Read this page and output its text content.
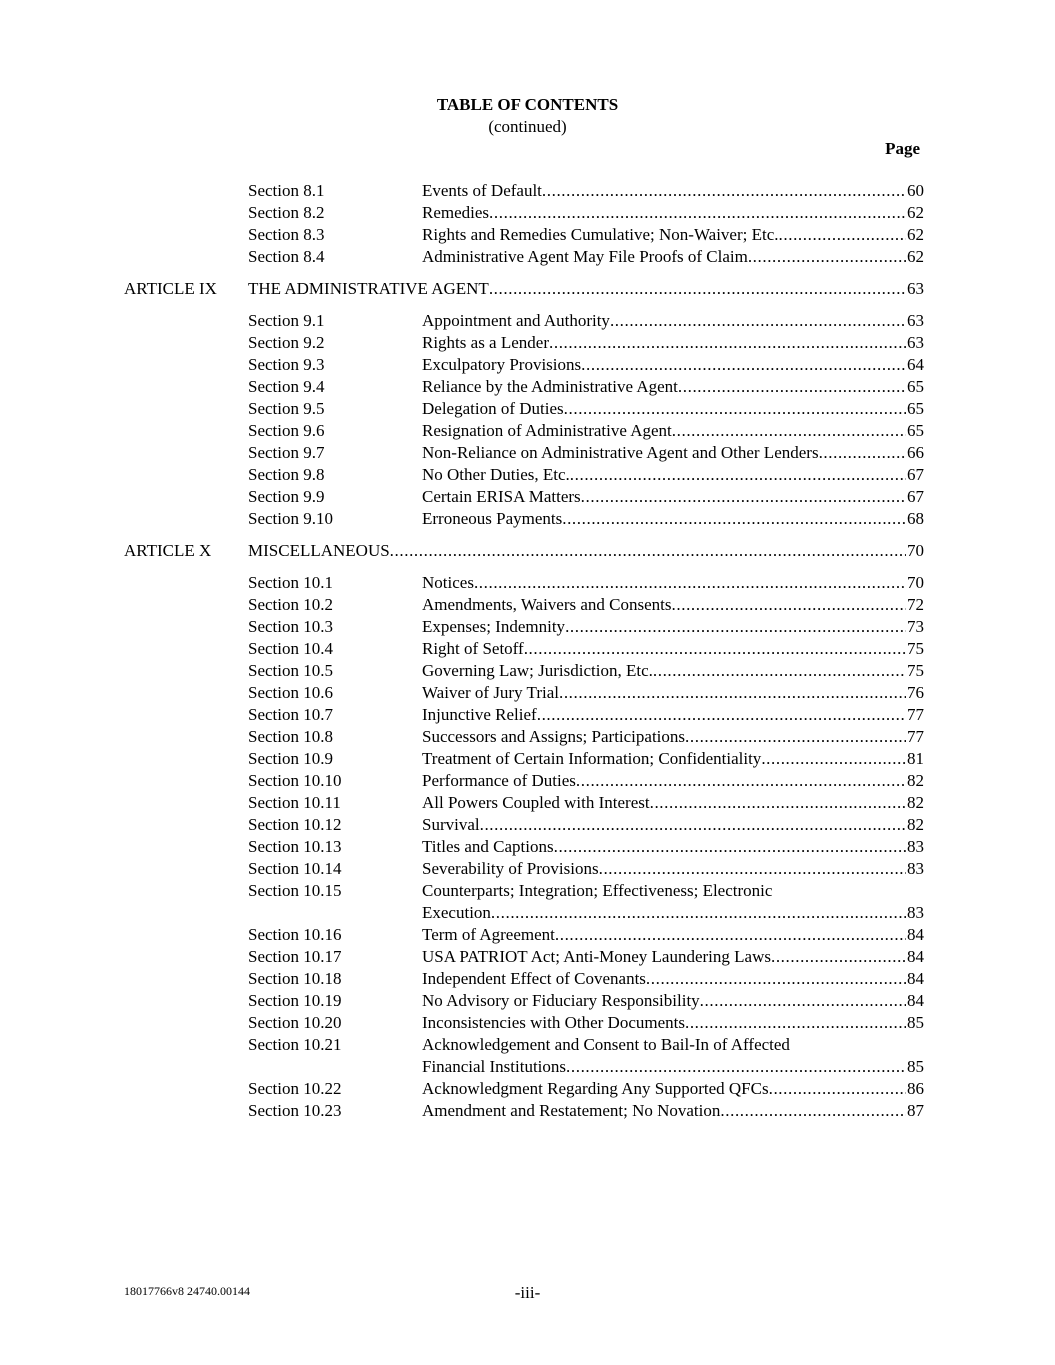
TABLE OF CONTENTS
(continued)
Page
Section 8.1	Events of Default .....	60
Section 8.2	Remedies .....	62
Section 8.3	Rights and Remedies Cumulative; Non-Waiver; Etc. .....	62
Section 8.4	Administrative Agent May File Proofs of Claim .....	62
ARTICLE IX THE ADMINISTRATIVE AGENT .....	63
Section 9.1	Appointment and Authority .....	63
Section 9.2	Rights as a Lender .....	63
Section 9.3	Exculpatory Provisions .....	64
Section 9.4	Reliance by the Administrative Agent .....	65
Section 9.5	Delegation of Duties .....	65
Section 9.6	Resignation of Administrative Agent .....	65
Section 9.7	Non-Reliance on Administrative Agent and Other Lenders .....	66
Section 9.8	No Other Duties, Etc. .....	67
Section 9.9	Certain ERISA Matters .....	67
Section 9.10	Erroneous Payments .....	68
ARTICLE X MISCELLANEOUS .....	70
Section 10.1	Notices .....	70
Section 10.2	Amendments, Waivers and Consents .....	72
Section 10.3	Expenses; Indemnity .....	73
Section 10.4	Right of Setoff .....	75
Section 10.5	Governing Law; Jurisdiction, Etc. .....	75
Section 10.6	Waiver of Jury Trial .....	76
Section 10.7	Injunctive Relief .....	77
Section 10.8	Successors and Assigns; Participations .....	77
Section 10.9	Treatment of Certain Information; Confidentiality .....	81
Section 10.10	Performance of Duties .....	82
Section 10.11	All Powers Coupled with Interest .....	82
Section 10.12	Survival .....	82
Section 10.13	Titles and Captions .....	83
Section 10.14	Severability of Provisions .....	83
Section 10.15	Counterparts; Integration; Effectiveness; Electronic
Execution .....	83
Section 10.16	Term of Agreement .....	84
Section 10.17	USA PATRIOT Act; Anti-Money Laundering Laws .....	84
Section 10.18	Independent Effect of Covenants .....	84
Section 10.19	No Advisory or Fiduciary Responsibility .....	84
Section 10.20	Inconsistencies with Other Documents .....	85
Section 10.21	Acknowledgement and Consent to Bail-In of Affected
Financial Institutions .....	85
Section 10.22	Acknowledgment Regarding Any Supported QFCs .....	86
Section 10.23	Amendment and Restatement; No Novation .....	87
18017766v8 24740.00144	-iii-
